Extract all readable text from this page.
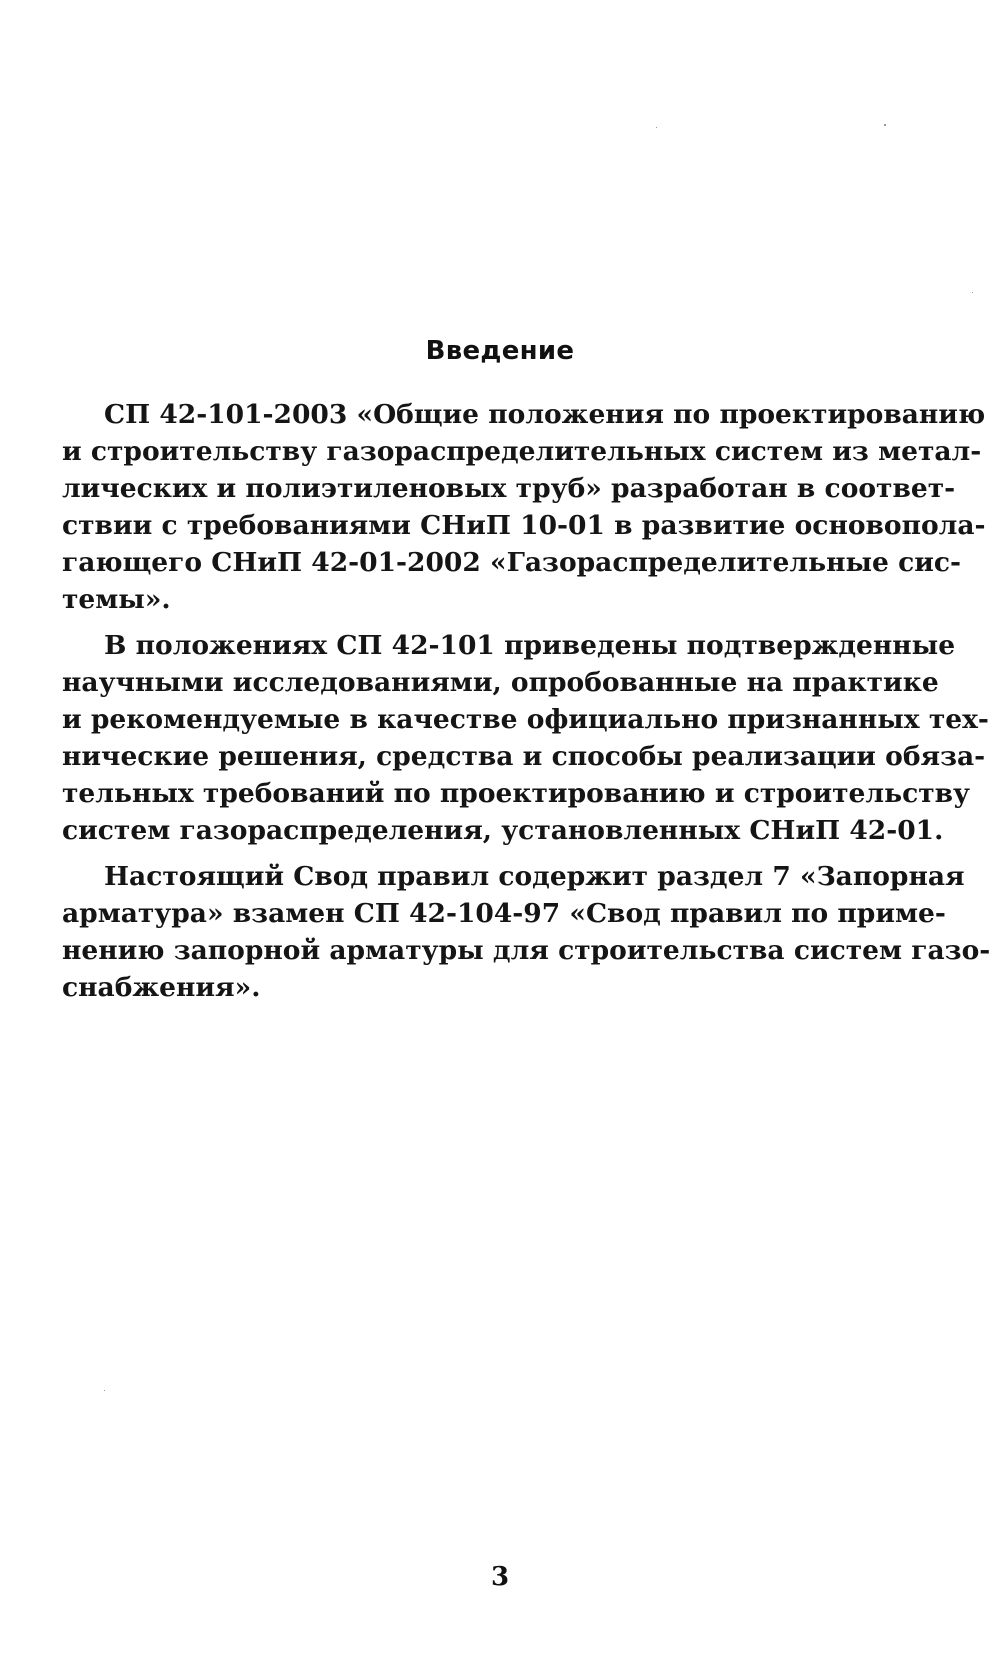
Введение
СП 42-101-2003 «Общие положения по проектированию
и строительству газораспределительных систем из метал-
лических и полиэтиленовых труб» разработан в соответ-
ствии с требованиями СНиП 10-01 в развитие основопола-
гающего СНиП 42-01-2002 «Газораспределительные сис-
темы».
В положениях СП 42-101 приведены подтвержденные
научными исследованиями, опробованные на практике
и рекомендуемые в качестве официально признанных тех-
нические решения, средства и способы реализации обяза-
тельных требований по проектированию и строительству
систем газораспределения, установленных СНиП 42-01.
Настоящий Свод правил содержит раздел 7 «Запорная
арматура» взамен СП 42-104-97 «Свод правил по приме-
нению запорной арматуры для строительства систем газо-
снабжения».
3
